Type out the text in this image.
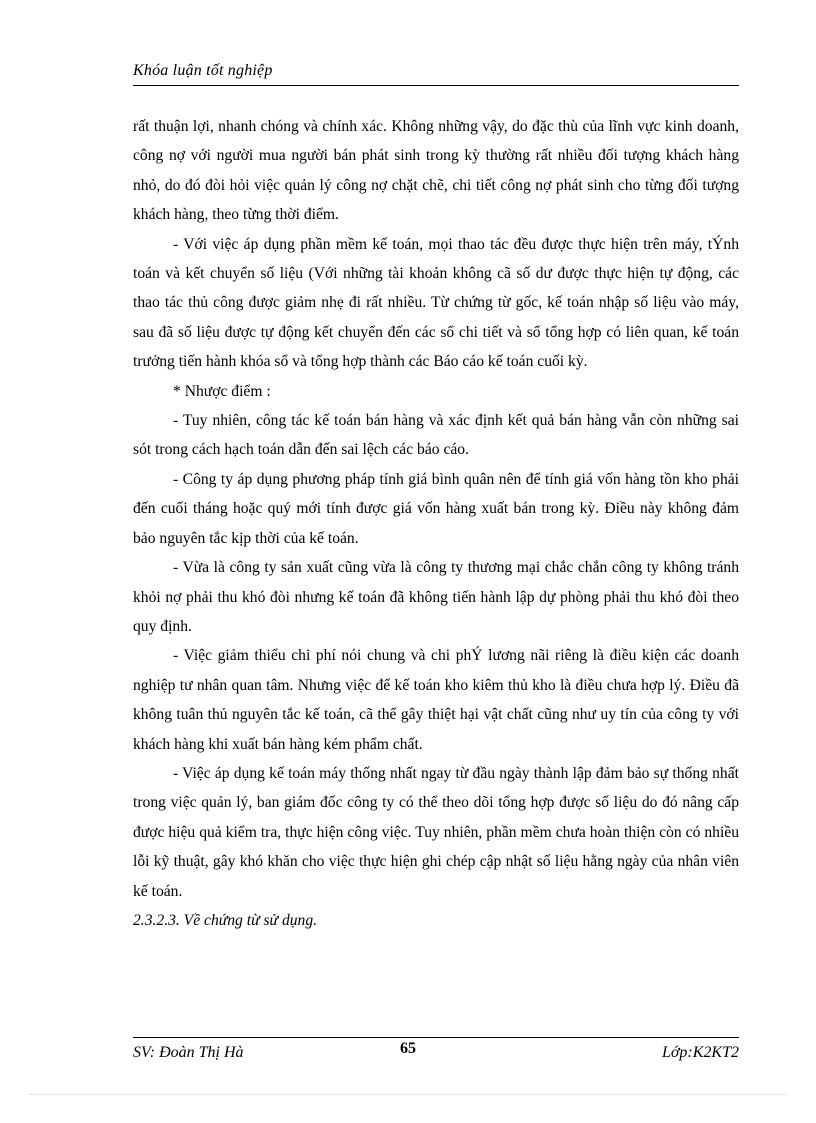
Khóa luận tốt nghiệp

rất thuận lợi, nhanh chóng và chính xác. Không những vậy, do đặc thù của lĩnh vực kinh doanh, công nợ với người mua người bán phát sinh trong kỳ thường rất nhiều đối tượng khách hàng nhỏ, do đó đòi hỏi việc quản lý công nợ chặt chẽ, chi tiết công nợ phát sinh cho từng đối tượng khách hàng, theo từng thời điểm.

- Với việc áp dụng phần mềm kế toán, mọi thao tác đều được thực hiện trên máy, tÝnh toán và kết chuyển số liệu (Với những tài khoản không cã số dư được thực hiện tự động, các thao tác thủ công được giảm nhẹ đi rất nhiều. Từ chứng từ gốc, kế toán nhập số liệu vào máy, sau đã số liệu được tự động kết chuyển đến các sổ chi tiết và sổ tổng hợp có liên quan, kế toán trưởng tiến hành khóa sổ và tổng hợp thành các Báo cáo kế toán cuối kỳ.

* Nhược điểm :

- Tuy nhiên, công tác kế toán bán hàng và xác định kết quả bán hàng vẫn còn những sai sót trong cách hạch toán dẫn đến sai lệch các báo cáo.

- Công ty áp dụng phương pháp tính giá bình quân nên để tính giá vốn hàng tồn kho phải đến cuối tháng hoặc quý mới tính được giá vốn hàng xuất bán trong kỳ. Điều này không đảm bảo nguyên tắc kịp thời của kế toán.

- Vừa là công ty sản xuất cũng vừa là công ty thương mại chắc chắn công ty không tránh khỏi nợ phải thu khó đòi nhưng kế toán đã không tiến hành lập dự phòng phải thu khó đòi theo quy định.

- Việc giảm thiểu chi phí nói chung và chi phÝ lương nãi riêng là điều kiện các doanh nghiệp tư nhân quan tâm. Nhưng việc để kế toán kho kiêm thủ kho là điều chưa hợp lý. Điều đã không tuân thủ nguyên tắc kế toán, cã thể gây thiệt hại vật chất cũng như uy tín của công ty với khách hàng khi xuất bán hàng kém phẩm chất.

- Việc áp dụng kế toán máy thống nhất ngay từ đầu ngày thành lập đảm bảo sự thống nhất trong việc quản lý, ban giám đốc công ty có thể theo dõi tổng hợp được số liệu do đó nâng cấp được hiệu quả kiểm tra, thực hiện công việc. Tuy nhiên, phần mềm chưa hoàn thiện còn có nhiều lỗi kỹ thuật, gây khó khăn cho việc thực hiện ghi chép cập nhật số liệu hằng ngày của nhân viên kế toán.

2.3.2.3. Về chứng từ sử dụng.

SV: Đoàn Thị Hà	65	Lớp:K2KT2
